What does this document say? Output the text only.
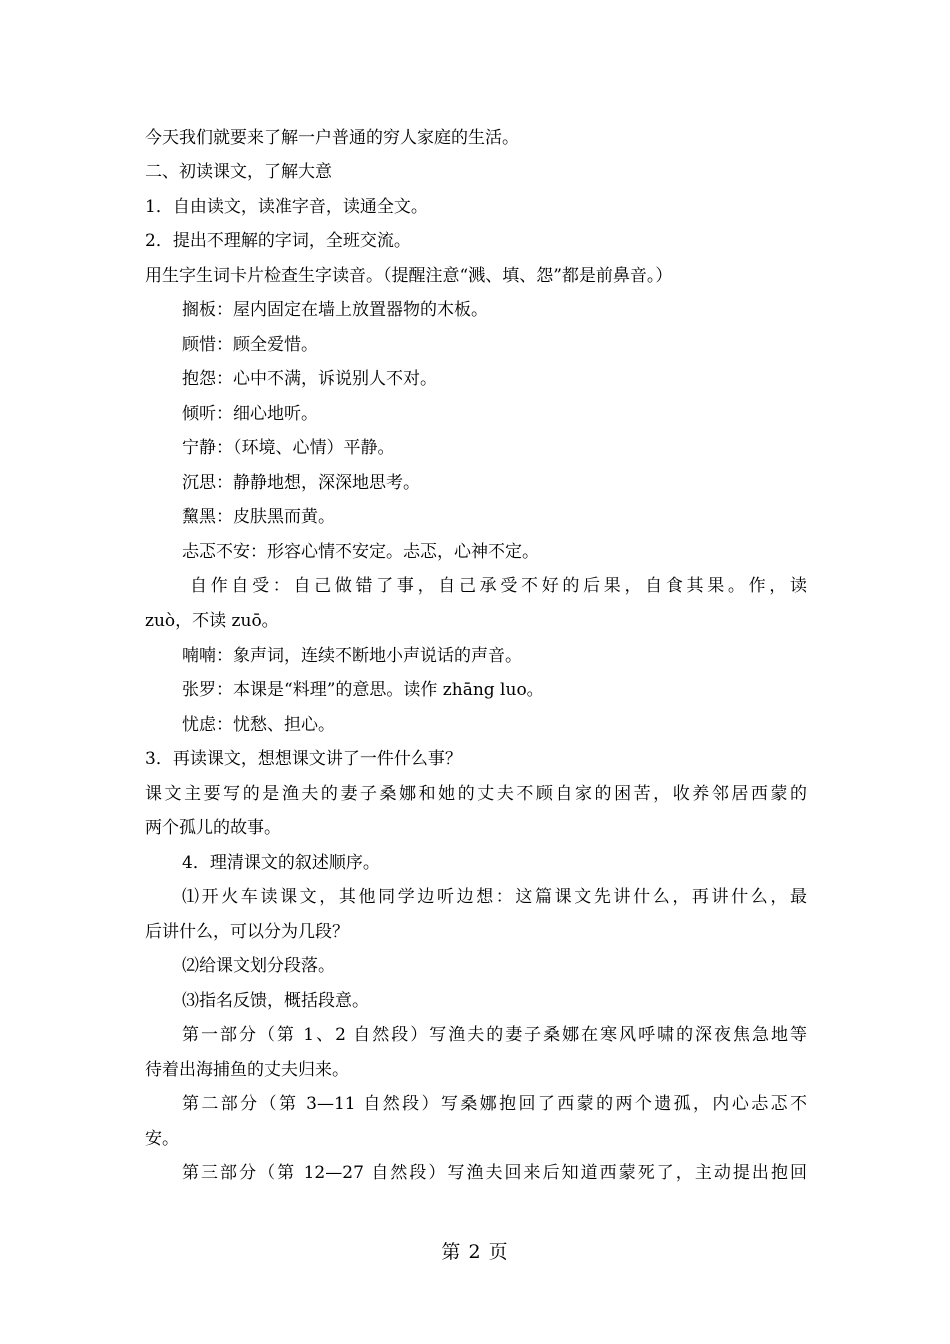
今天我们就要来了解一户普通的穷人家庭的生活。
二、初读课文，了解大意
1．自由读文，读准字音，读通全文。
2．提出不理解的字词，全班交流。
用生字生词卡片检查生字读音。（提醒注意“溅、填、怨”都是前鼻音。）
搁板：屋内固定在墙上放置器物的木板。
顾惜：顾全爱惜。
抱怨：心中不满，诉说别人不对。
倾听：细心地听。
宁静：（环境、心情）平静。
沉思：静静地想，深深地思考。
黧黑：皮肤黑而黄。
忐忑不安：形容心情不安定。忐忑，心神不定。
自作自受：自己做错了事，自己承受不好的后果，自食其果。作，读
zuò，不读 zuō。
喃喃：象声词，连续不断地小声说话的声音。
张罗：本课是“料理”的意思。读作 zhāng luo。
忧虑：忧愁、担心。
3．再读课文，想想课文讲了一件什么事？
课文主要写的是渔夫的妻子桑娜和她的丈夫不顾自家的困苦，收养邻居西蒙的
两个孤儿的故事。
4．理清课文的叙述顺序。
⑴开火车读课文，其他同学边听边想：这篇课文先讲什么，再讲什么，最
后讲什么，可以分为几段？
⑵给课文划分段落。
⑶指名反馈，概括段意。
第一部分（第 1、2 自然段）写渔夫的妻子桑娜在寒风呼啸的深夜焦急地等
待着出海捕鱼的丈夫归来。
第二部分（第 3—11 自然段）写桑娜抱回了西蒙的两个遗孤，内心忐忑不
安。
第三部分（第 12—27 自然段）写渔夫回来后知道西蒙死了，主动提出抱回
第 2 页
